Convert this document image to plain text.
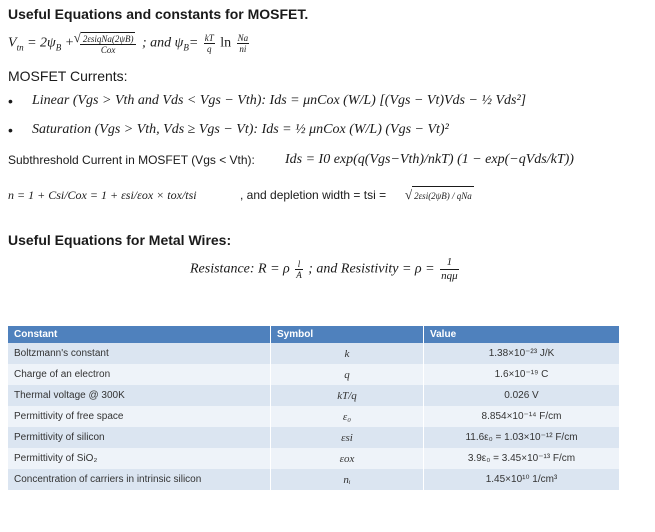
Useful Equations and constants for MOSFET.
$V_{tn} = 2\psi_B$ + √ $\frac{\text{2εsiqNa(2ψB)}}{\text{Cox}}$ ; and $\psi_B= \frac{kT}{q}$ $\ln \frac{Na}{ni}$
MOSFET Currents:
• Linear (Vgs > Vth and Vds < Vgs − Vth): Ids = μnCox (W/L) [(Vgs − Vt)Vds − ½ Vds²]
• Saturation (Vgs > Vth, Vds ≥ Vgs − Vt): Ids = ½ μnCox (W/L) (Vgs − Vt)²
Subthreshold Current in MOSFET (Vgs < Vth): Ids = I0 exp(q(Vgs−Vth)/nkT) (1 − exp(−qVds/kT))
n = 1 + Csi/Cox = 1 + εsi/εox × tox/tsi	, and depletion width = tsi =	√ 2εsi(2ψB) / qNa
Useful Equations for Metal Wires:
Resistance: R = ρ $\frac{l}{A}$ ; and Resistivity = $\rho = \frac{1}{\text{nqμ}}$
Constant	Symbol	Value
Boltzmann's constant	k	1.38×10⁻²³ J/K
Charge of an electron	q	1.6×10⁻¹⁹ C
Thermal voltage @ 300K	kT/q	0.026 V
Permittivity of free space	ε₀	8.854×10⁻¹⁴ F/cm
Permittivity of silicon	εsi	11.6ε₀ = 1.03×10⁻¹² F/cm
Permittivity of SiO₂	εox	3.9ε₀ = 3.45×10⁻¹³ F/cm
Concentration of carriers in intrinsic silicon	nᵢ	1.45×10¹⁰ 1/cm³
